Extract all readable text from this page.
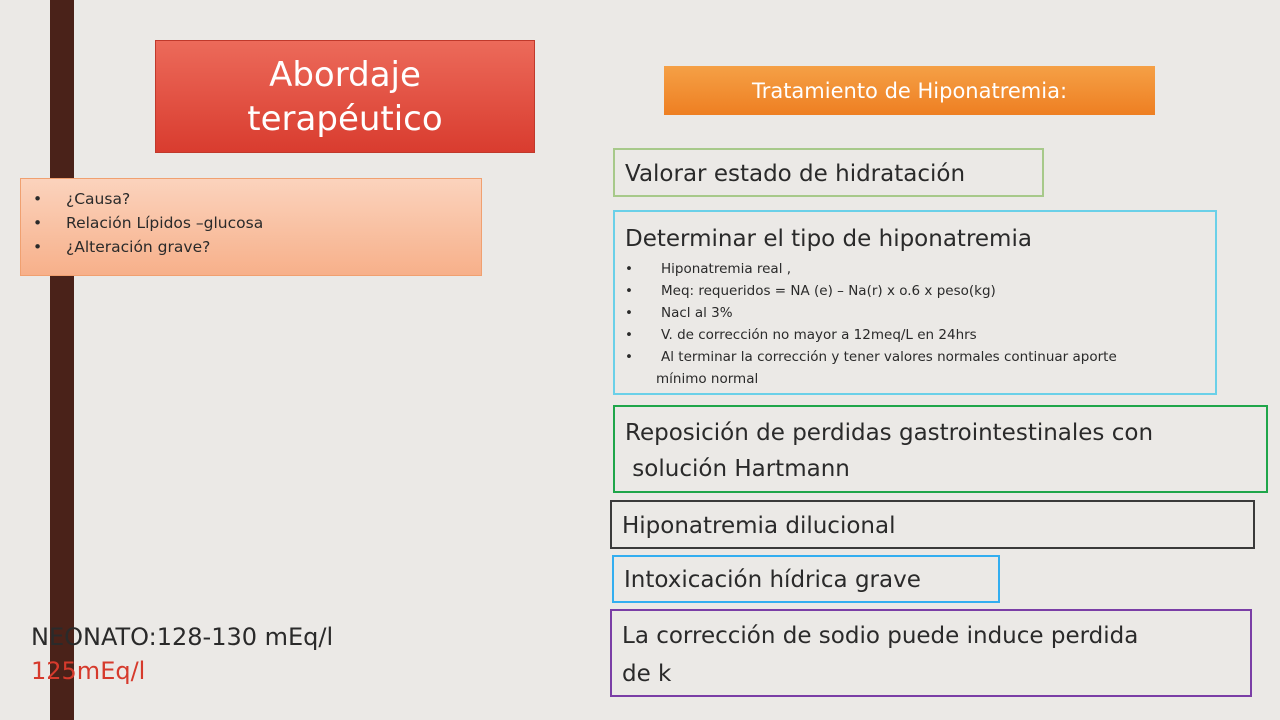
Abordaje
terapéutico
• ¿Causa?
• Relación Lípidos –glucosa
• ¿Alteración grave?
NEONATO:128-130 mEq/l
125mEq/l
Tratamiento de Hiponatremia:
Valorar estado de hidratación
Determinar el tipo de hiponatremia
• Hiponatremia real ,
• Meq: requeridos = NA (e) – Na(r) x o.6 x peso(kg)
• Nacl al 3%
• V. de corrección no mayor a 12meq/L en 24hrs
• Al terminar la corrección y tener valores normales continuar aporte
mínimo normal
Reposición de perdidas gastrointestinales con
solución Hartmann
Hiponatremia dilucional
Intoxicación hídrica grave
La corrección de sodio puede induce perdida
de k
